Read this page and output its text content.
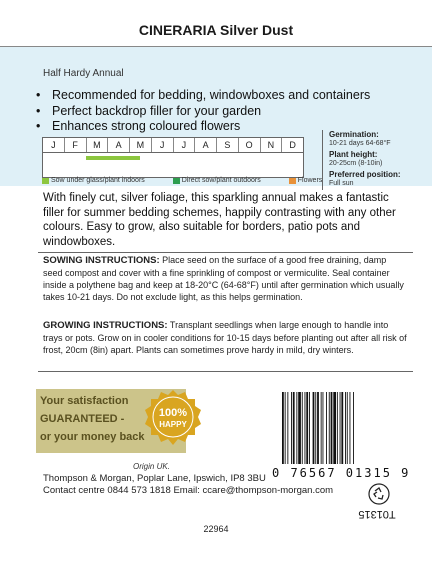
CINERARIA Silver Dust
Half Hardy Annual
• Recommended for bedding, windowboxes and containers
• Perfect backdrop filler for your garden
• Enhances strong coloured flowers
J	F	M	A	M	J	J	A	S	O	N	D
Sow under glass/plant indoors	Direct sow/plant outdoors	Flowers
Germination:
10-21 days 64-68°F
Plant height:
20-25cm (8-10in)
Preferred position:
Full sun
With finely cut, silver foliage, this sparkling annual makes a fantastic filler for summer bedding schemes, happily contrasting with any other colours. Easy to grow, also suitable for borders, patio pots and windowboxes.
SOWING INSTRUCTIONS: Place seed on the surface of a good free draining, damp seed compost and cover with a fine sprinkling of compost or vermiculite. Seal container inside a polythene bag and keep at 18-20°C (64-68°F) until after germination which usually takes 10-21 days. Do not exclude light, as this helps germination.
GROWING INSTRUCTIONS: Transplant seedlings when large enough to handle into trays or pots. Grow on in cooler conditions for 10-15 days before planting out after all risk of frost, 20cm (8in) apart. Plants can sometimes prove hardy in mild, dry winters.
Your satisfaction
GUARANTEED -
or your money back
100%
HAPPY
Origin UK.
Thompson & Morgan, Poplar Lane, Ipswich, IP8 3BU
Contact centre 0844 573 1818 Email: ccare@thompson-morgan.com
0 76567 01315 9
T01315
22964
